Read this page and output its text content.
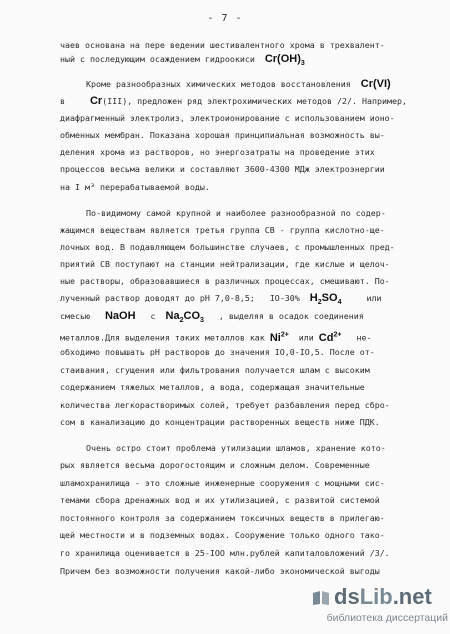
- 7 -
чаев основана на пере ведении шестивалентного хрома в трехвалент-
ный с последующим осаждением гидроокиси $Cr(OH)_3$
Кроме разнообразных химических методов восстановления Cr(VI)
в Cr(III), предложен ряд электрохимических методов /2/. Например,
диафрагменный электролиз, электроионирование с использованием ионо-
обменных мембран. Показана хорошая принципиальная возможность вы-
деления хрома из растворов, но энергозатраты на проведение этих
процессов весьма велики и составляют 3600-4300 МДж электроэнергии
на I м³ перерабатываемой воды.
По-видимому самой крупной и наиболее разнообразной по содер-
жащимся веществам является третья группа СВ - группа кислотно-ще-
лочных вод. В подавляющем большинстве случаев, с промышленных пред-
приятий СВ поступают на станции нейтрализации, где кислые и щелоч-
ные растворы, образовавшиеся в различных процессах, смешивают. По-
лученный раствор доводят до pH 7,0-8,5; IO-30% $H_2SO_4$	или
смесью NaOH с $Na_2CO_3$ , выделяя в осадок соединения
металлов.Для выделения таких металлов как $Ni^{2+}$ или $Cd^{2+}$ не-
обходимо повышать pH растворов до значения IO,0-IO,5. После от-
стаивания, сгущения или фильтрования получается шлам с высоким
содержанием тяжелых металлов, а вода, содержащая значительные
количества легкорастворимых солей, требует разбавления перед сбро-
сом в канализацию до концентрации растворенных веществ ниже ПДК.
Очень остро стоит проблема утилизации шламов, хранение кото-
рых является весьма дорогостоящим и сложным делом. Современные
шламохранилища - это сложные инженерные сооружения с мощными сис-
темами сбора дренажных вод и их утилизацией, с развитой системой
постоянного контроля за содержанием токсичных веществ в прилегаю-
щей местности и в подземных водах. Сооружение только одного тако-
го хранилища оценивается в 25-IOO млн.рублей капиталовложений /3/.
Причем без возможности получения какой-либо экономической выгоды
dsLib.net
библиотека диссертаций
